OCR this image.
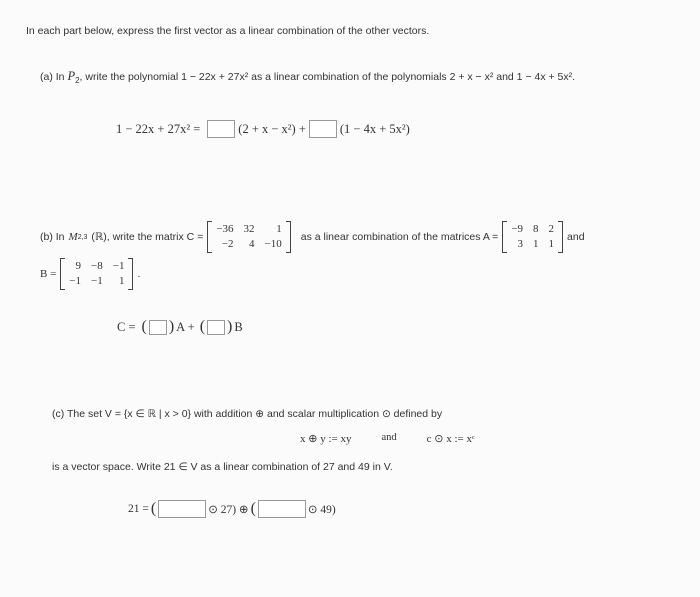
In each part below, express the first vector as a linear combination of the other vectors.
(a) In $P_2$, write the polynomial 1 − 22x + 27x² as a linear combination of the polynomials 2 + x − x² and 1 − 4x + 5x².
1 − 22x + 27x² =	(2 + x − x²) +	(1 − 4x + 5x²)
(b) In M 2,3 (ℝ), write the matrix C =
−36 32	1
−2	4 −10
as a linear combination of the matrices A =
−9 8 2
3 1 1
and
B =
9 −8 −1
−1 −1	1
.
C = ( ) A + ( ) B
(c) The set V = {x ∈ ℝ | x > 0} with addition ⊕ and scalar multiplication ⊙ defined by
x ⊕ y := xy	and	c ⊙ x := xᶜ
is a vector space. Write 21 ∈ V as a linear combination of 27 and 49 in V.
21 = (	⊙ 27) ⊕ (	⊙ 49)
